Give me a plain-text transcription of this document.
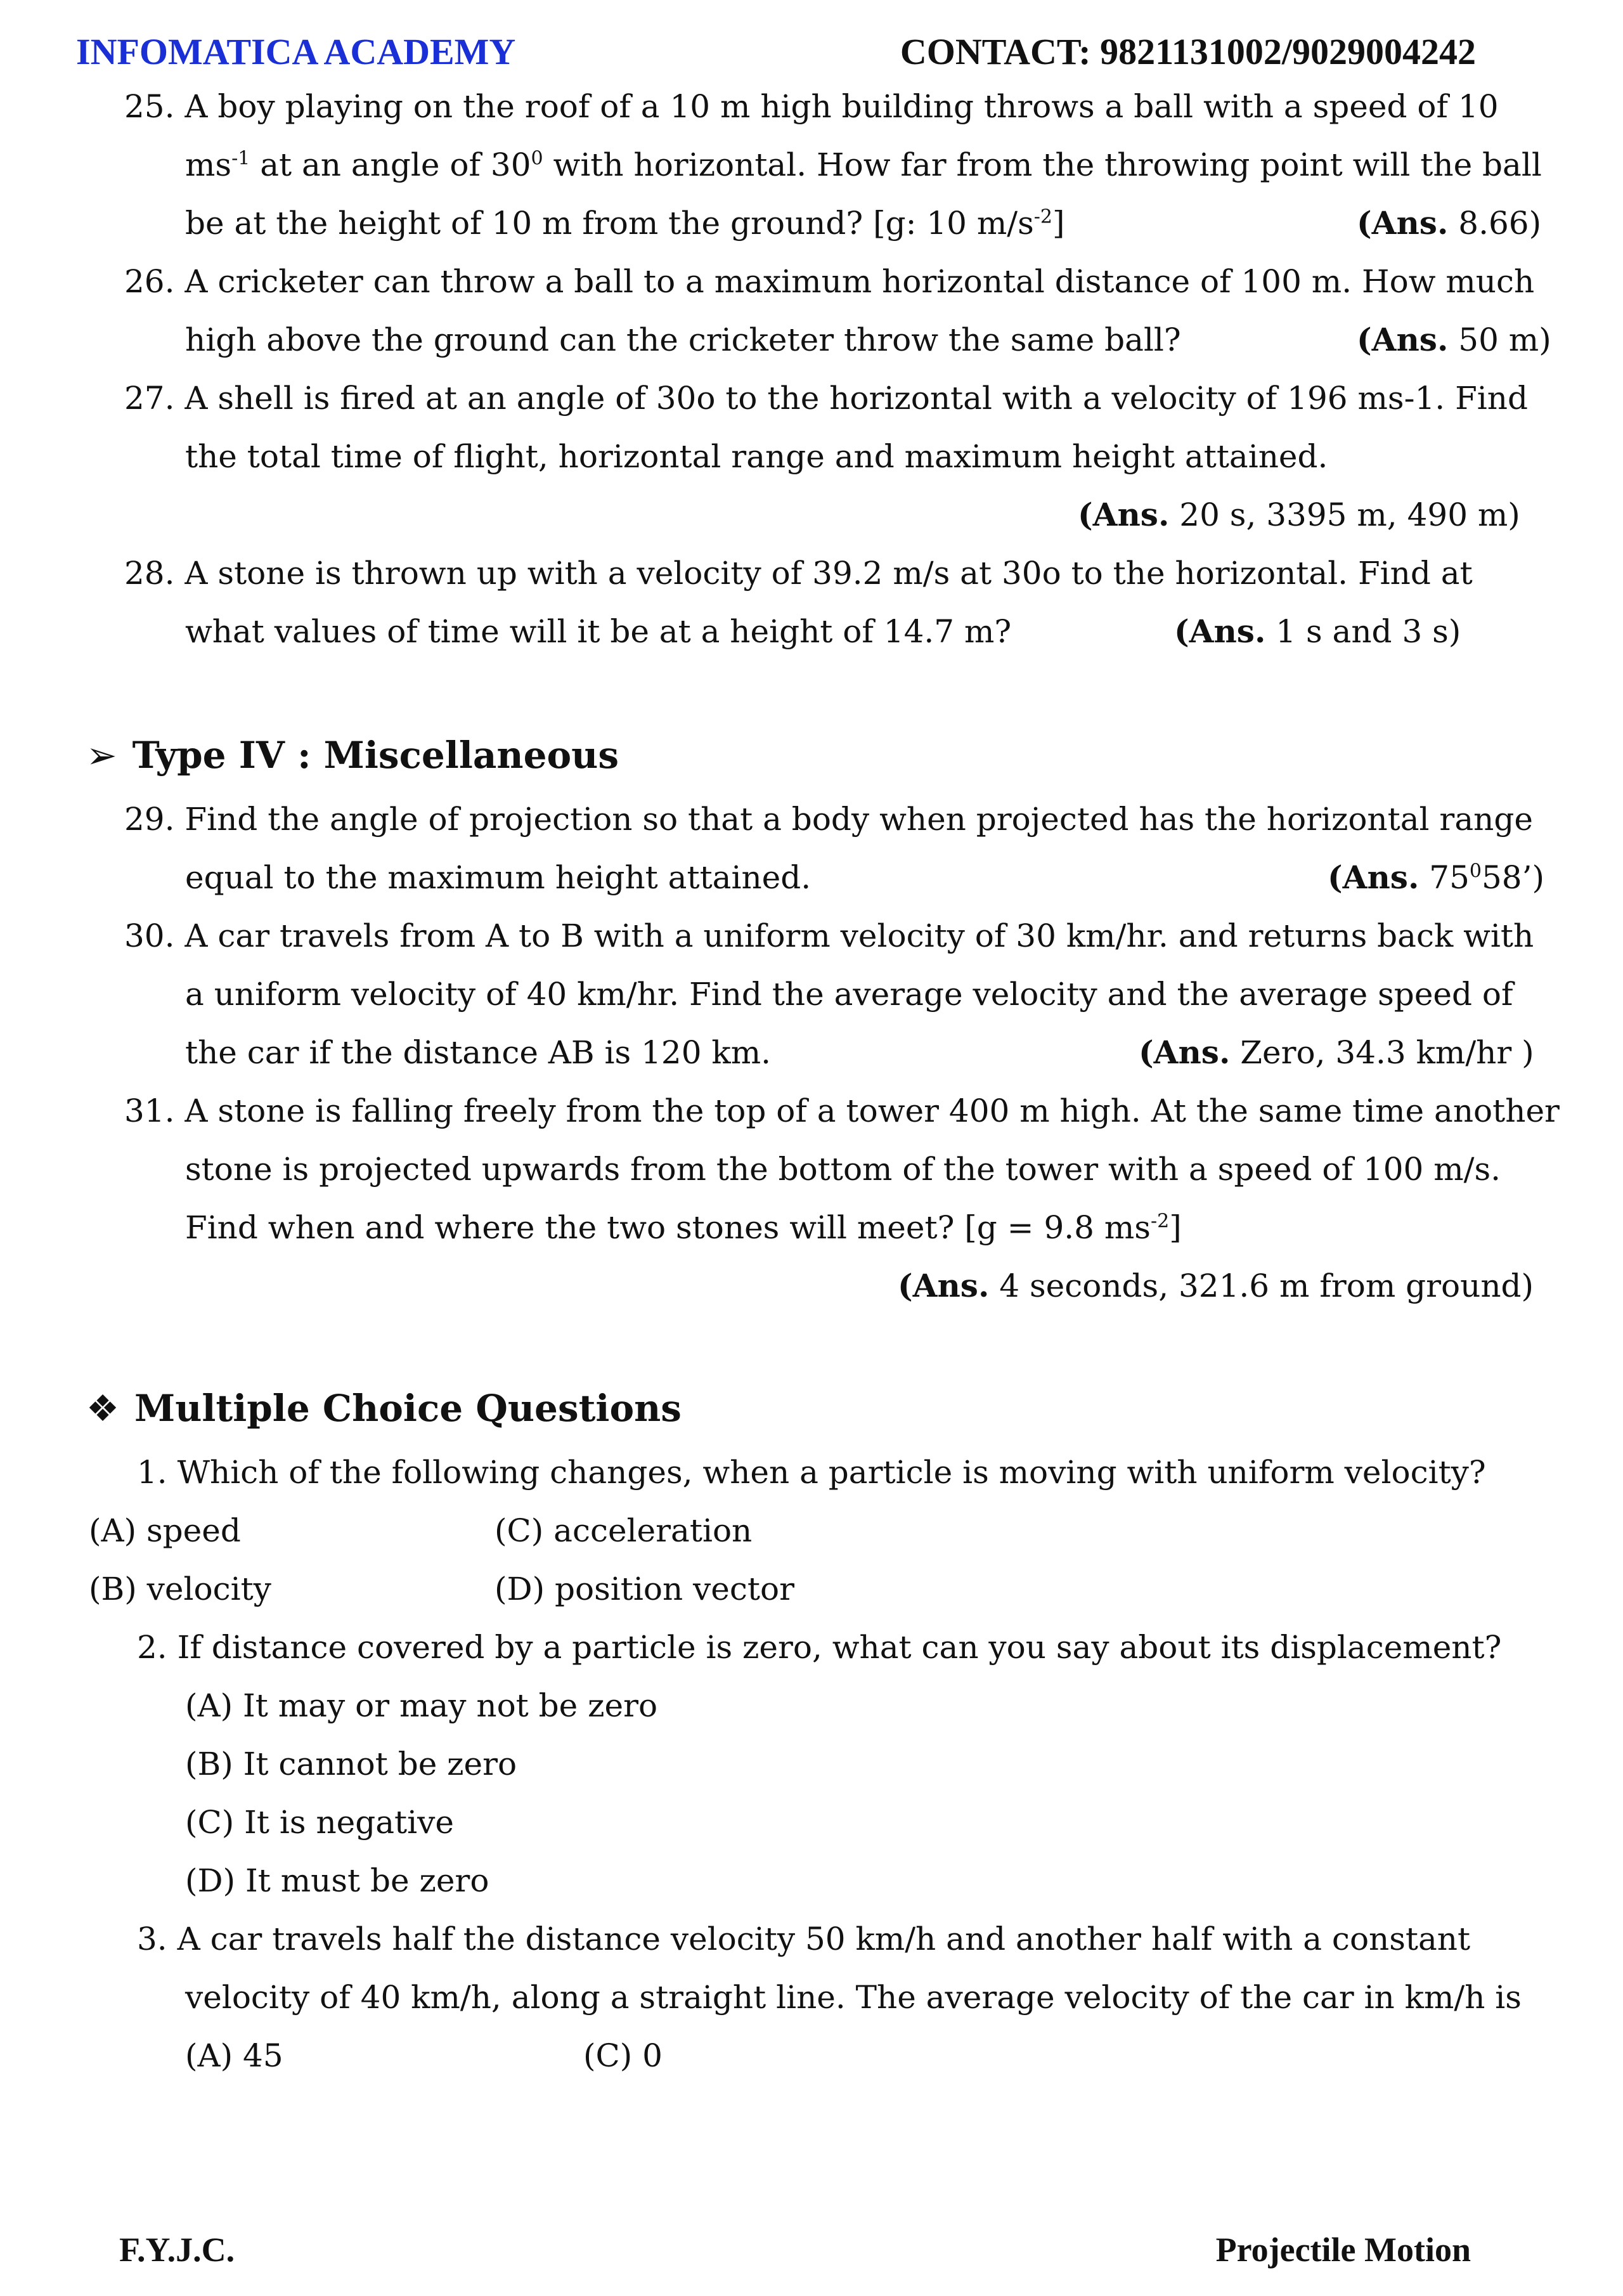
INFOMATICA ACADEMY	CONTACT: 9821131002/9029004242
25. A boy playing on the roof of a 10 m high building throws a ball with a speed of 10
$ms^{-1}$ at an angle of $30^0$ with horizontal. How far from the throwing point will the ball
be at the height of 10 m from the ground? [g: 10 $m/s^{-2}$]	(Ans. 8.66)
26. A cricketer can throw a ball to a maximum horizontal distance of 100 m. How much
high above the ground can the cricketer throw the same ball?	(Ans. 50 m)
27. A shell is fired at an angle of 30o to the horizontal with a velocity of 196 ms-1. Find
the total time of flight, horizontal range and maximum height attained.
(Ans. 20 s, 3395 m, 490 m)
28. A stone is thrown up with a velocity of 39.2 m/s at 30o to the horizontal. Find at
what values of time will it be at a height of 14.7 m?	(Ans. 1 s and 3 s)
➢ Type IV : Miscellaneous
29. Find the angle of projection so that a body when projected has the horizontal range
equal to the maximum height attained.	(Ans. $75^058$’)
30. A car travels from A to B with a uniform velocity of 30 km/hr. and returns back with
a uniform velocity of 40 km/hr. Find the average velocity and the average speed of
the car if the distance AB is 120 km.	(Ans. Zero, 34.3 km/hr )
31. A stone is falling freely from the top of a tower 400 m high. At the same time another
stone is projected upwards from the bottom of the tower with a speed of 100 m/s.
Find when and where the two stones will meet? [g = 9.8 $ms^{-2}$]
(Ans. 4 seconds, 321.6 m from ground)
❖ Multiple Choice Questions
1. Which of the following changes, when a particle is moving with uniform velocity?
(A) speed	(C) acceleration
(B) velocity	(D) position vector
2. If distance covered by a particle is zero, what can you say about its displacement?
(A) It may or may not be zero
(B) It cannot be zero
(C) It is negative
(D) It must be zero
3. A car travels half the distance velocity 50 km/h and another half with a constant
velocity of 40 km/h, along a straight line. The average velocity of the car in km/h is
(A) 45	(C) 0
F.Y.J.C.	Projectile Motion
